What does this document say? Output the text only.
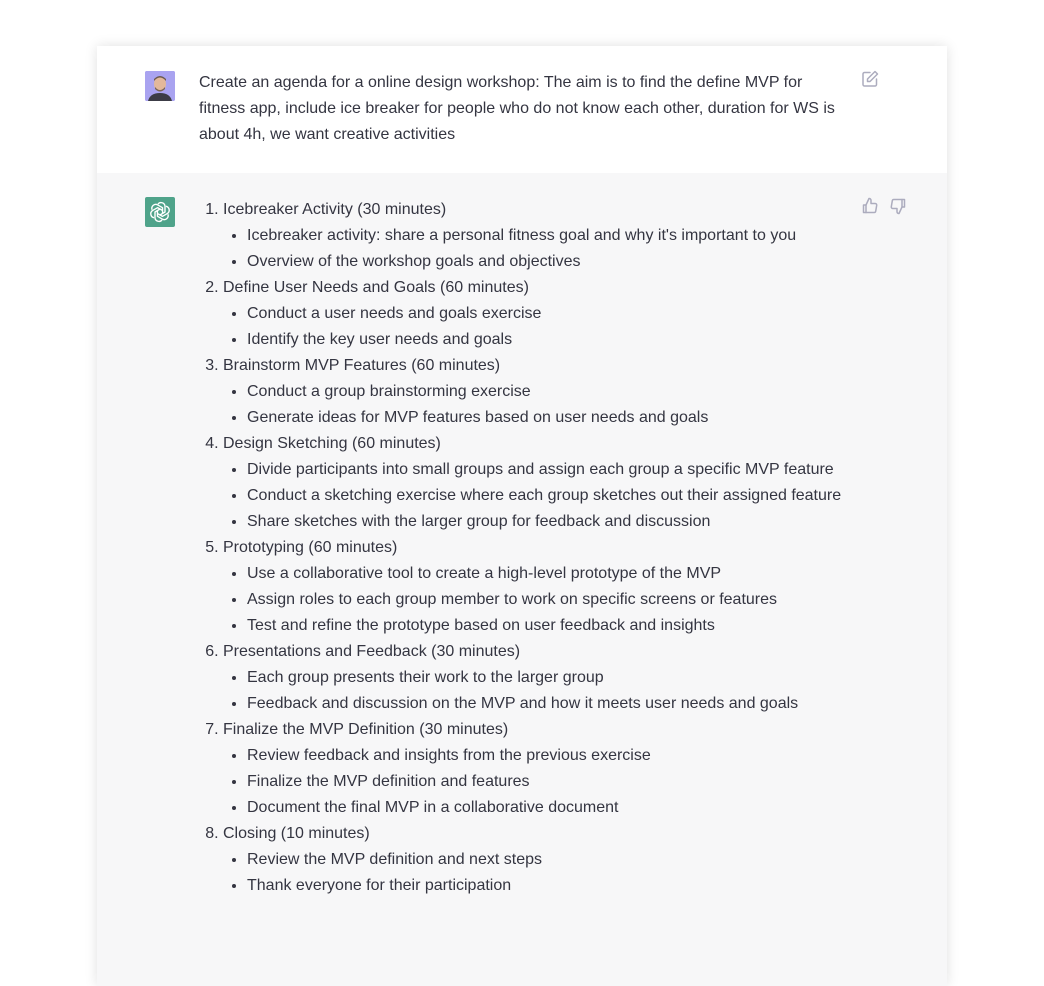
Create an agenda for a online design workshop: The aim is to find the define MVP for fitness app, include ice breaker for people who do not know each other, duration for WS is about 4h, we want creative activities

1. Icebreaker Activity (30 minutes)
• Icebreaker activity: share a personal fitness goal and why it's important to you
• Overview of the workshop goals and objectives
2. Define User Needs and Goals (60 minutes)
• Conduct a user needs and goals exercise
• Identify the key user needs and goals
3. Brainstorm MVP Features (60 minutes)
• Conduct a group brainstorming exercise
• Generate ideas for MVP features based on user needs and goals
4. Design Sketching (60 minutes)
• Divide participants into small groups and assign each group a specific MVP feature
• Conduct a sketching exercise where each group sketches out their assigned feature
• Share sketches with the larger group for feedback and discussion
5. Prototyping (60 minutes)
• Use a collaborative tool to create a high-level prototype of the MVP
• Assign roles to each group member to work on specific screens or features
• Test and refine the prototype based on user feedback and insights
6. Presentations and Feedback (30 minutes)
• Each group presents their work to the larger group
• Feedback and discussion on the MVP and how it meets user needs and goals
7. Finalize the MVP Definition (30 minutes)
• Review feedback and insights from the previous exercise
• Finalize the MVP definition and features
• Document the final MVP in a collaborative document
8. Closing (10 minutes)
• Review the MVP definition and next steps
• Thank everyone for their participation
